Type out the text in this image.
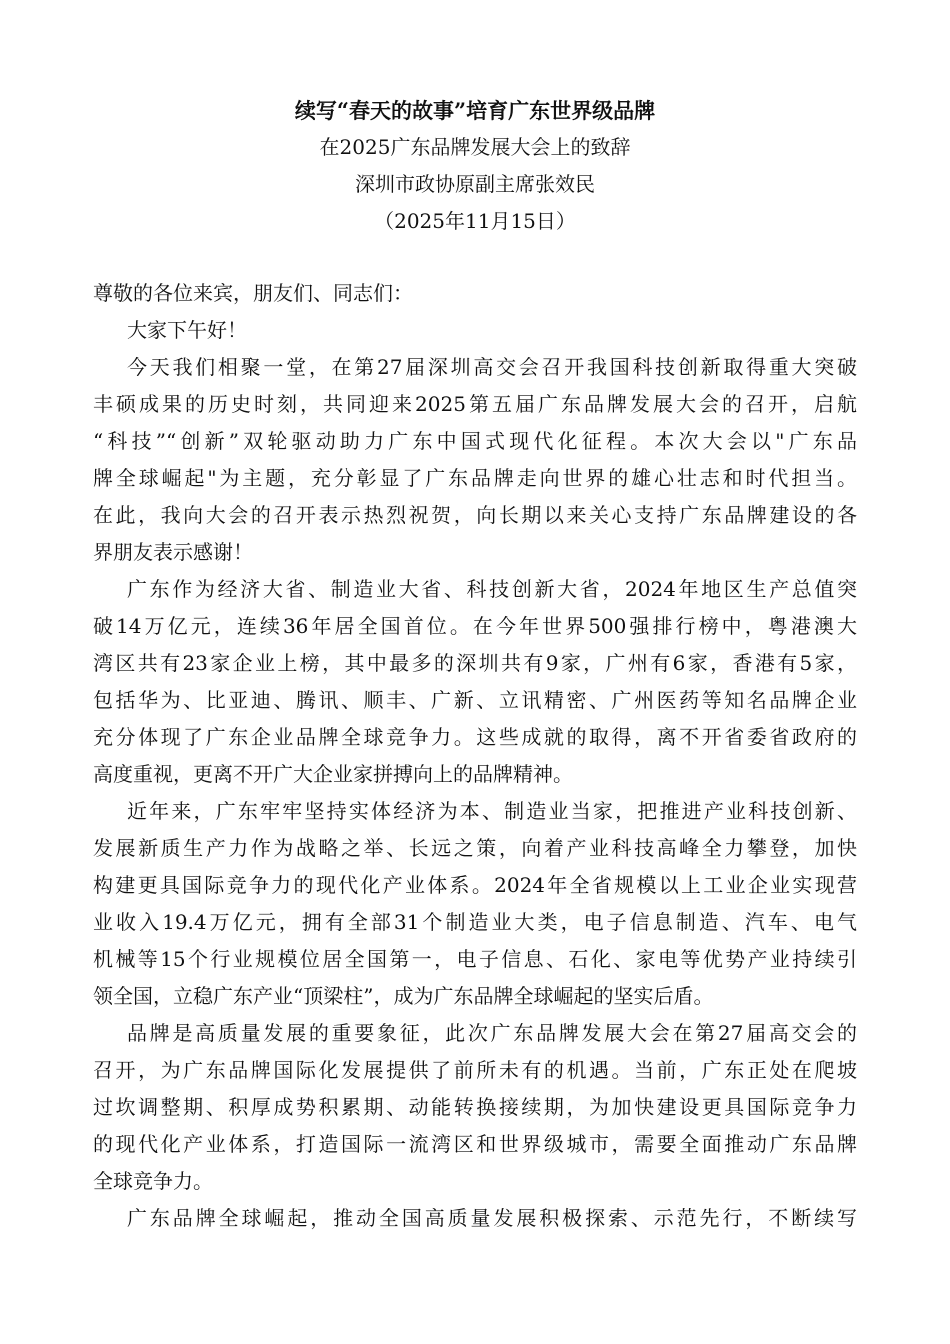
续写“春天的故事”培育广东世界级品牌
在2025广东品牌发展大会上的致辞
深圳市政协原副主席张效民
（2025年11月15日）
尊敬的各位来宾，朋友们、同志们：
大家下午好！
今天我们相聚一堂，在第27届深圳高交会召开我国科技创新取得重大突破
丰硕成果的历史时刻，共同迎来2025第五届广东品牌发展大会的召开，启航
“科技”“创新”双轮驱动助力广东中国式现代化征程。本次大会以"广东品
牌全球崛起"为主题，充分彰显了广东品牌走向世界的雄心壮志和时代担当。
在此，我向大会的召开表示热烈祝贺，向长期以来关心支持广东品牌建设的各
界朋友表示感谢！
广东作为经济大省、制造业大省、科技创新大省，2024年地区生产总值突
破14万亿元，连续36年居全国首位。在今年世界500强排行榜中，粤港澳大
湾区共有23家企业上榜，其中最多的深圳共有9家，广州有6家，香港有5家，
包括华为、比亚迪、腾讯、顺丰、广新、立讯精密、广州医药等知名品牌企业
充分体现了广东企业品牌全球竞争力。这些成就的取得，离不开省委省政府的
高度重视，更离不开广大企业家拼搏向上的品牌精神。
近年来，广东牢牢坚持实体经济为本、制造业当家，把推进产业科技创新、
发展新质生产力作为战略之举、长远之策，向着产业科技高峰全力攀登，加快
构建更具国际竞争力的现代化产业体系。2024年全省规模以上工业企业实现营
业收入19.4万亿元，拥有全部31个制造业大类，电子信息制造、汽车、电气
机械等15个行业规模位居全国第一，电子信息、石化、家电等优势产业持续引
领全国，立稳广东产业“顶梁柱”，成为广东品牌全球崛起的坚实后盾。
品牌是高质量发展的重要象征，此次广东品牌发展大会在第27届高交会的
召开，为广东品牌国际化发展提供了前所未有的机遇。当前，广东正处在爬坡
过坎调整期、积厚成势积累期、动能转换接续期，为加快建设更具国际竞争力
的现代化产业体系，打造国际一流湾区和世界级城市，需要全面推动广东品牌
全球竞争力。
广东品牌全球崛起，推动全国高质量发展积极探索、示范先行，不断续写
